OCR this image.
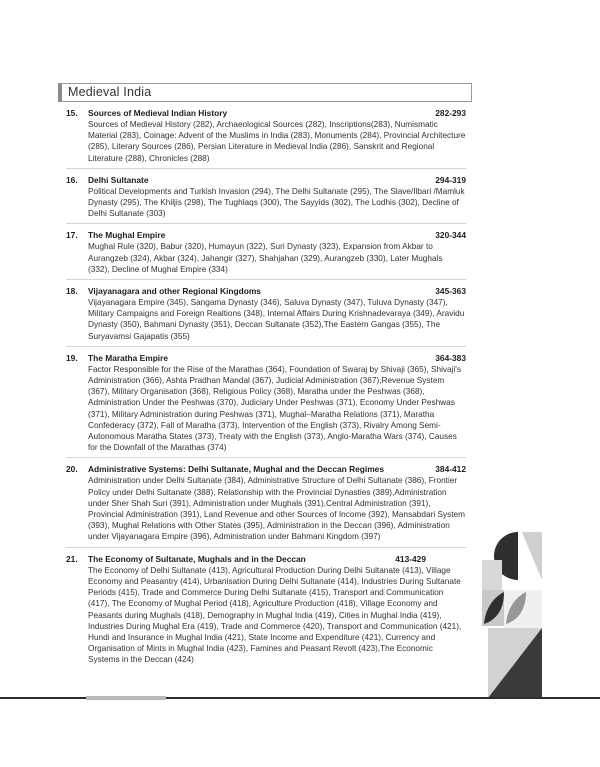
Medieval India
15.	Sources of Medieval Indian History	282-293
Sources of Medieval History (282), Archaeological Sources (282), Inscriptions(283), Numismatic Material (283), Coinage: Advent of the Muslims in India (283), Monuments (284), Provincial Architecture (285), Literary Sources (286), Persian Literature in Medieval India (286), Sanskrit and Regional Literature (288), Chronicles (288)
16.	Delhi Sultanate	294-319
Political Developments and Turkish Invasion (294), The Delhi Sultanate (295), The Slave/Ilbari /Mamluk Dynasty (295), The Khiljis (298), The Tughlaqs (300), The Sayyids (302), The Lodhis (302), Decline of Delhi Sultanate (303)
17.	The Mughal Empire	320-344
Mughal Rule (320), Babur (320), Humayun (322), Suri Dynasty (323), Expansion from Akbar to Aurangzeb (324), Akbar (324), Jahangir (327), Shahjahan (329), Aurangzeb (330), Later Mughals (332), Decline of Mughal Empire (334)
18.	Vijayanagara and other Regional Kingdoms	345-363
Vijayanagara Empire (345), Sangama Dynasty (346), Saluva Dynasty (347), Tuluva Dynasty (347), Military Campaigns and Foreign Realtions (348), Internal Affairs During Krishnadevaraya (349), Aravidu Dynasty (350), Bahmani Dynasty (351), Deccan Sultanate (352),The Eastern Gangas (355), The Suryavamsi Gajapatis (355)
19.	The Maratha Empire	364-383
Factor Responsible for the Rise of the Marathas (364), Foundation of Swaraj by Shivaji (365), Shivaji's Administration (366), Ashta Pradhan Mandal (367), Judicial Administration (367),Revenue System (367), Military Organisation (368), Religious Policy (368), Maratha under the Peshwas (368), Administration Under the Peshwas (370), Judiciary Under Peshwas (371), Economy Under Peshwas (371), Military Administration during Peshwas (371), Mughal–Maratha Relations (371), Maratha Confederacy (372), Fall of Maratha (373), Intervention of the English (373), Rivalry Among Semi-Autonomous Maratha States (373), Treaty with the English (373), Anglo-Maratha Wars (374), Causes for the Downfall of the Marathas (374)
20.	Administrative Systems: Delhi Sultanate, Mughal and the Deccan Regimes	384-412
Administration under Delhi Sultanate (384), Administrative Structure of Delhi Sultanate (386), Frontier Policy under Delhi Sultanate (388), Relationship with the Provincial Dynasties (389),Administration under Sher Shah Suri (391), Administration under Mughals (391),Central Administration (391), Provincial Administration (391), Land Revenue and other Sources of Income (392), Mansabdari System (393), Mughal Relations with Other States (395), Administration in the Deccan (396), Administration under Vijayanagara Empire (396), Administration under Bahmani Kingdom (397)
21.	The Economy of Sultanate, Mughals and in the Deccan	413-429
The Economy of Delhi Sultanate (413), Agricultural Production During Delhi Sultanate (413), Village Economy and Peasantry (414), Urbanisation During Delhi Sultanate (414), Industries During Sultanate Periods (415), Trade and Commerce During Delhi Sultanate (415), Transport and Communication (417), The Economy of Mughal Period (418), Agriculture Production (418), Village Economy and Peasants during Mughals (418), Demography in Mughal India (419), Cities in Mughal India (419), Industries During Mughal Era (419), Trade and Commerce (420), Transport and Communication (421), Hundi and Insurance in Mughal India (421), State Income and Expenditure (421), Currency and Organisation of Mints in Mughal India (423), Famines and Peasant Revolt (423),The Economic Systems in the Deccan (424)
